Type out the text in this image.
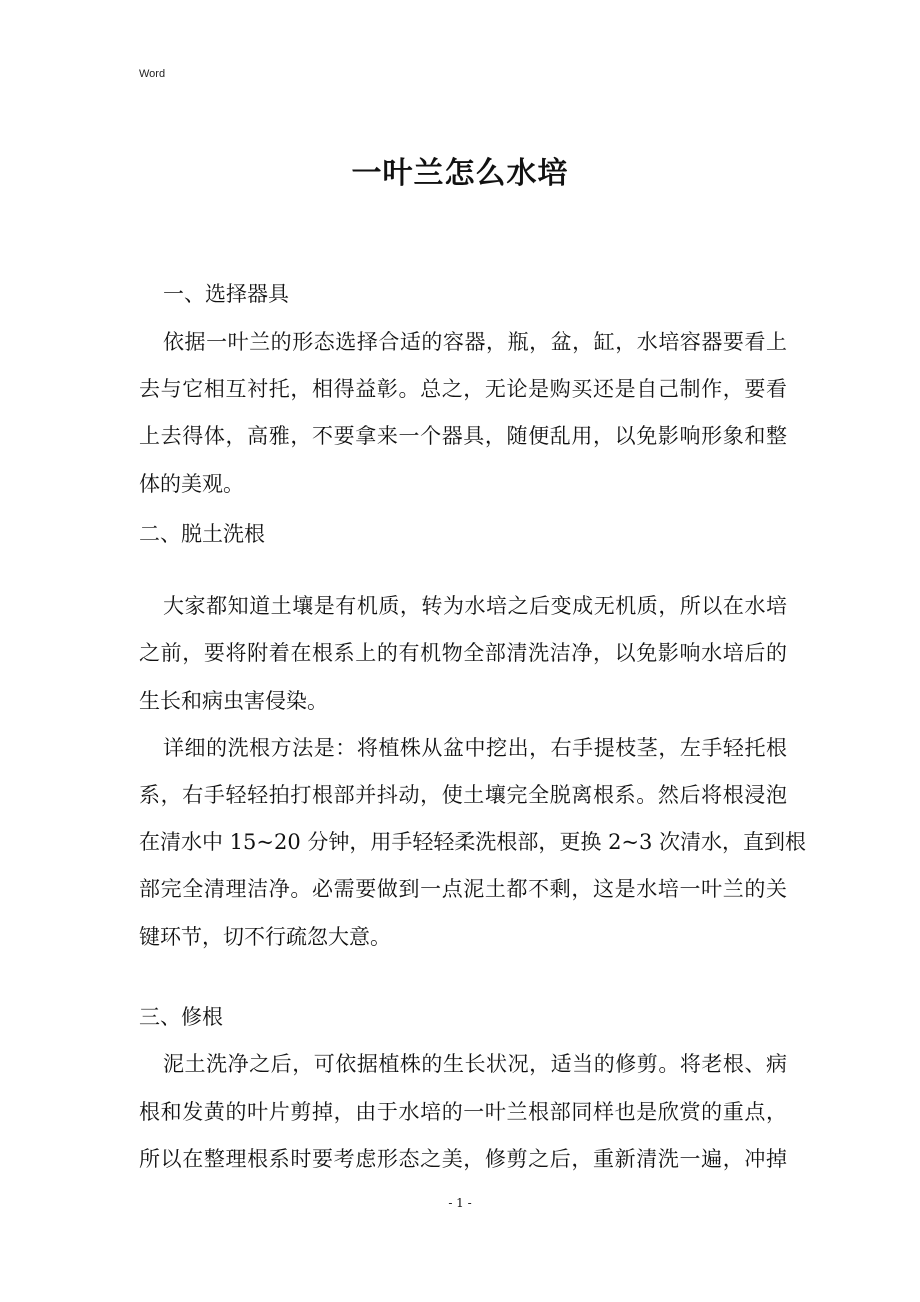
Word
一叶兰怎么水培
一、选择器具
依据一叶兰的形态选择合适的容器，瓶，盆，缸，水培容器要看上
去与它相互衬托，相得益彰。总之，无论是购买还是自己制作，要看
上去得体，高雅，不要拿来一个器具，随便乱用，以免影响形象和整
体的美观。
二、脱土洗根
大家都知道土壤是有机质，转为水培之后变成无机质，所以在水培
之前，要将附着在根系上的有机物全部清洗洁净，以免影响水培后的
生长和病虫害侵染。
详细的洗根方法是：将植株从盆中挖出，右手提枝茎，左手轻托根
系，右手轻轻拍打根部并抖动，使土壤完全脱离根系。然后将根浸泡
在清水中 15~20 分钟，用手轻轻柔洗根部，更换 2~3 次清水，直到根
部完全清理洁净。必需要做到一点泥土都不剩，这是水培一叶兰的关
键环节，切不行疏忽大意。
三、修根
泥土洗净之后，可依据植株的生长状况，适当的修剪。将老根、病
根和发黄的叶片剪掉，由于水培的一叶兰根部同样也是欣赏的重点，
所以在整理根系时要考虑形态之美，修剪之后，重新清洗一遍，冲掉
- 1 -
